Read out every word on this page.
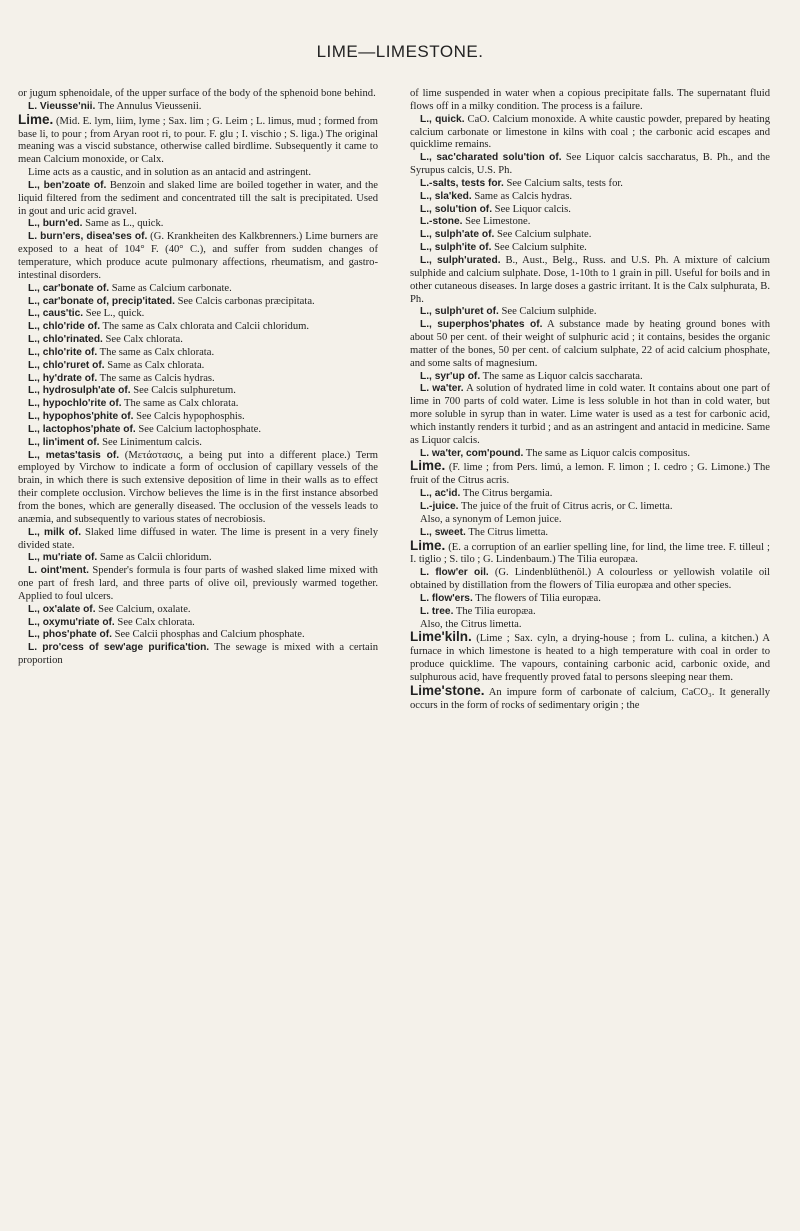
LIME—LIMESTONE.

or jugum sphenoidale, of the upper surface of the body of the sphenoid bone behind.

L. Vieusse'nii. The Annulus Vieussenii.

Lime. (Mid. E. lym, liim, lyme ; Sax. lim ; G. Leim ; L. limus, mud ; formed from base li, to pour ; from Aryan root ri, to pour. F. glu ; I. vischio ; S. liga.) The original meaning was a viscid substance, otherwise called birdlime. Subsequently it came to mean Calcium monoxide, or Calx.

Lime acts as a caustic, and in solution as an antacid and astringent.

L., ben'zoate of. Benzoin and slaked lime are boiled together in water, and the liquid filtered from the sediment and concentrated till the salt is precipitated. Used in gout and uric acid gravel.

L., burn'ed. Same as L., quick.

L. burn'ers, disea'ses of. (G. Krankheiten des Kalkbrenners.) Lime burners are exposed to a heat of 104° F. (40° C.), and suffer from sudden changes of temperature, which produce acute pulmonary affections, rheumatism, and gastro-intestinal disorders.

L., car'bonate of. Same as Calcium carbonate.

L., car'bonate of, precip'itated. See Calcis carbonas præcipitata.

L., caus'tic. See L., quick.

L., chlo'ride of. The same as Calx chlorata and Calcii chloridum.

L., chlo'rinated. See Calx chlorata.

L., chlo'rite of. The same as Calx chlorata.

L., chlo'ruret of. Same as Calx chlorata.

L., hy'drate of. The same as Calcis hydras.

L., hydrosulph'ate of. See Calcis sulphuretum.

L., hypochlo'rite of. The same as Calx chlorata.

L., hypophos'phite of. See Calcis hypophosphis.

L., lactophos'phate of. See Calcium lactophosphate.

L., lin'iment of. See Linimentum calcis.

L., metas'tasis of. (Μετάστασις, a being put into a different place.) Term employed by Virchow to indicate a form of occlusion of capillary vessels of the brain, in which there is such extensive deposition of lime in their walls as to effect their complete occlusion. Virchow believes the lime is in the first instance absorbed from the bones, which are generally diseased. The occlusion of the vessels leads to anæmia, and subsequently to various states of necrobiosis.

L., milk of. Slaked lime diffused in water. The lime is present in a very finely divided state.

L., mu'riate of. Same as Calcii chloridum.

L. oint'ment. Spender's formula is four parts of washed slaked lime mixed with one part of fresh lard, and three parts of olive oil, previously warmed together. Applied to foul ulcers.

L., ox'alate of. See Calcium, oxalate.

L., oxymu'riate of. See Calx chlorata.

L., phos'phate of. See Calcii phosphas and Calcium phosphate.

L. pro'cess of sew'age purifica'tion. The sewage is mixed with a certain proportion

of lime suspended in water when a copious precipitate falls. The supernatant fluid flows off in a milky condition. The process is a failure.

L., quick. CaO. Calcium monoxide. A white caustic powder, prepared by heating calcium carbonate or limestone in kilns with coal ; the carbonic acid escapes and quicklime remains.

L., sac'charated solu'tion of. See Liquor calcis saccharatus, B. Ph., and the Syrupus calcis, U.S. Ph.

L.-salts, tests for. See Calcium salts, tests for.

L., sla'ked. Same as Calcis hydras.

L., solu'tion of. See Liquor calcis.

L.-stone. See Limestone.

L., sulph'ate of. See Calcium sulphate.

L., sulph'ite of. See Calcium sulphite.

L., sulph'urated. B., Aust., Belg., Russ. and U.S. Ph. A mixture of calcium sulphide and calcium sulphate. Dose, 1-10th to 1 grain in pill. Useful for boils and in other cutaneous diseases. In large doses a gastric irritant. It is the Calx sulphurata, B. Ph.

L., sulph'uret of. See Calcium sulphide.

L., superphos'phates of. A substance made by heating ground bones with about 50 per cent. of their weight of sulphuric acid ; it contains, besides the organic matter of the bones, 50 per cent. of calcium sulphate, 22 of acid calcium phosphate, and some salts of magnesium.

L., syr'up of. The same as Liquor calcis saccharata.

L. wa'ter. A solution of hydrated lime in cold water. It contains about one part of lime in 700 parts of cold water. Lime is less soluble in hot than in cold water, but more soluble in syrup than in water. Lime water is used as a test for carbonic acid, which instantly renders it turbid ; and as an astringent and antacid in medicine. Same as Liquor calcis.

L. wa'ter, com'pound. The same as Liquor calcis compositus.

Lime. (F. lime ; from Pers. limú, a lemon. F. limon ; I. cedro ; G. Limone.) The fruit of the Citrus acris.

L., ac'id. The Citrus bergamia.

L.-juice. The juice of the fruit of Citrus acris, or C. limetta.

Also, a synonym of Lemon juice.

L., sweet. The Citrus limetta.

Lime. (E. a corruption of an earlier spelling line, for lind, the lime tree. F. tilleul ; I. tiglio ; S. tilo ; G. Lindenbaum.) The Tilia europæa.

L. flow'er oil. (G. Lindenblüthenöl.) A colourless or yellowish volatile oil obtained by distillation from the flowers of Tilia europæa and other species.

L. flow'ers. The flowers of Tilia europæa.

L. tree. The Tilia europæa.

Also, the Citrus limetta.

Lime'kiln. (Lime ; Sax. cyln, a drying-house ; from L. culina, a kitchen.) A furnace in which limestone is heated to a high temperature with coal in order to produce quicklime. The vapours, containing carbonic acid, carbonic oxide, and sulphurous acid, have frequently proved fatal to persons sleeping near them.

Lime'stone. An impure form of carbonate of calcium, CaCO₃. It generally occurs in the form of rocks of sedimentary origin ; the
